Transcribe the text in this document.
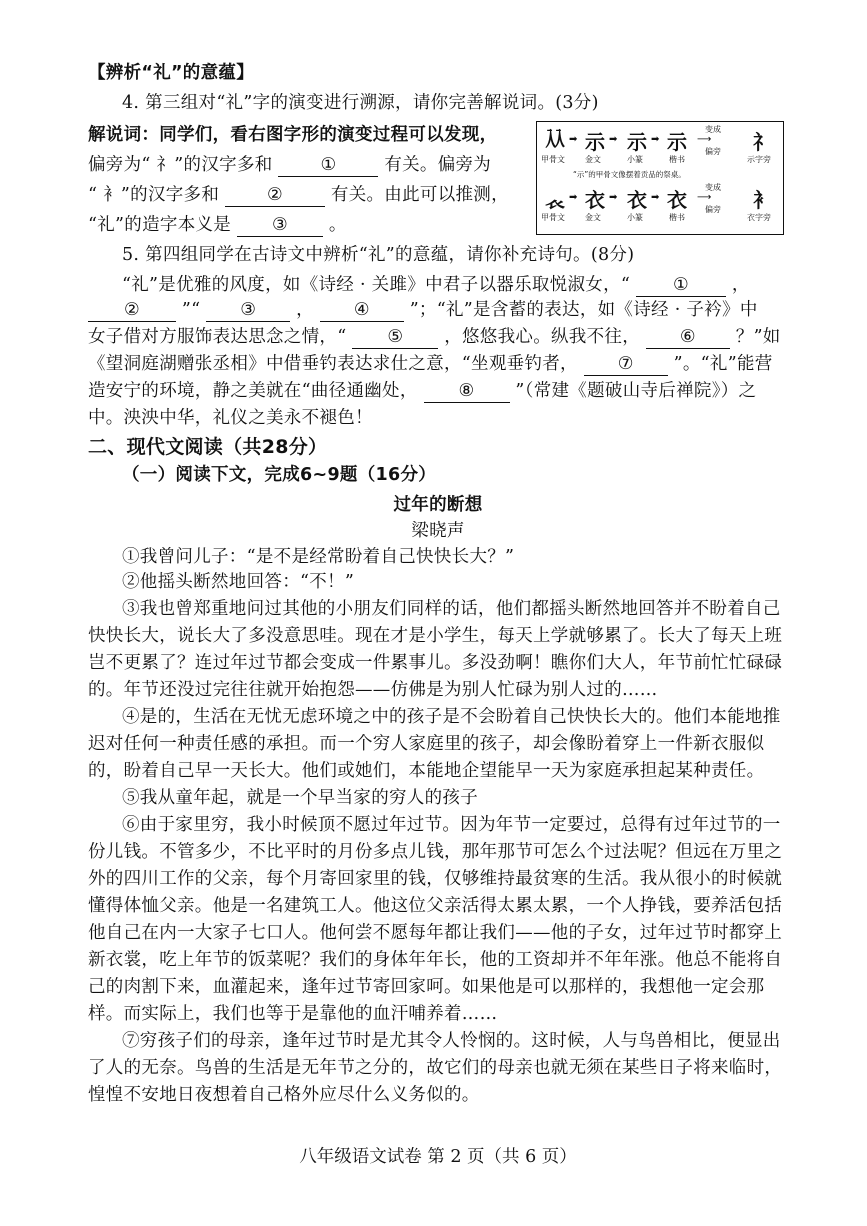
【辨析“礼”的意蕴】
4. 第三组对“礼”字的演变进行溯源，请你完善解说词。(3分)
解说词：同学们，看右图字形的演变过程可以发现，
偏旁为“ 礻”的汉字多和	①	有关。偏旁为
“ 衤”的汉字多和	②	有关。由此可以推测，
“礼”的造字本义是 ③ 。
𠓜 ➡ 示 ➡ 示 ➡ 示
变成
⟶
偏旁 礻
甲骨文	金文	小篆	楷书	示字旁
“示”的甲骨文像摆着贡品的祭桌。
𧘇 ➡ 衣 ➡ 衣 ➡ 衣
变成
⟶
偏旁 衤
甲骨文	金文	小篆	楷书	衣字旁
5. 第四组同学在古诗文中辨析“礼”的意蕴，请你补充诗句。(8分)
“礼”是优雅的风度，如《诗经 · 关雎》中君子以器乐取悦淑女，“ ① ，
② ”“ ③ ， ④ ”；“礼”是含蓄的表达，如《诗经 · 子衿》中
女子借对方服饰表达思念之情，“ ⑤ ，悠悠我心。纵我不往， ⑥ ？”如
《望洞庭湖赠张丞相》中借垂钓表达求仕之意，“坐观垂钓者， ⑦ ”。“礼”能营
造安宁的环境，静之美就在“曲径通幽处， ⑧ ”（常建《题破山寺后禅院》）之
中。泱泱中华，礼仪之美永不褪色！
二、现代文阅读（共28分）
（一）阅读下文，完成6~9题（16分）
过年的断想
梁晓声
①我曾问儿子：“是不是经常盼着自己快快长大？”
②他摇头断然地回答：“不！”
③我也曾郑重地问过其他的小朋友们同样的话，他们都摇头断然地回答并不盼着自己
快快长大，说长大了多没意思哇。现在才是小学生，每天上学就够累了。长大了每天上班
岂不更累了？连过年过节都会变成一件累事儿。多没劲啊！瞧你们大人，年节前忙忙碌碌
的。年节还没过完往往就开始抱怨——仿佛是为别人忙碌为别人过的……
④是的，生活在无忧无虑环境之中的孩子是不会盼着自己快快长大的。他们本能地推
迟对任何一种责任感的承担。而一个穷人家庭里的孩子，却会像盼着穿上一件新衣服似
的，盼着自己早一天长大。他们或她们，本能地企望能早一天为家庭承担起某种责任。
⑤我从童年起，就是一个早当家的穷人的孩子
⑥由于家里穷，我小时候顶不愿过年过节。因为年节一定要过，总得有过年过节的一
份儿钱。不管多少，不比平时的月份多点儿钱，那年那节可怎么个过法呢？但远在万里之
外的四川工作的父亲，每个月寄回家里的钱，仅够维持最贫寒的生活。我从很小的时候就
懂得体恤父亲。他是一名建筑工人。他这位父亲活得太累太累，一个人挣钱，要养活包括
他自己在内一大家子七口人。他何尝不愿每年都让我们——他的子女，过年过节时都穿上
新衣裳，吃上年节的饭菜呢？我们的身体年年长，他的工资却并不年年涨。他总不能将自
己的肉割下来，血灌起来，逢年过节寄回家呵。如果他是可以那样的，我想他一定会那
样。而实际上，我们也等于是靠他的血汗哺养着……
⑦穷孩子们的母亲，逢年过节时是尤其令人怜悯的。这时候，人与鸟兽相比，便显出
了人的无奈。鸟兽的生活是无年节之分的，故它们的母亲也就无须在某些日子将来临时，
惶惶不安地日夜想着自己格外应尽什么义务似的。
八年级语文试卷 第 2 页（共 6 页）
